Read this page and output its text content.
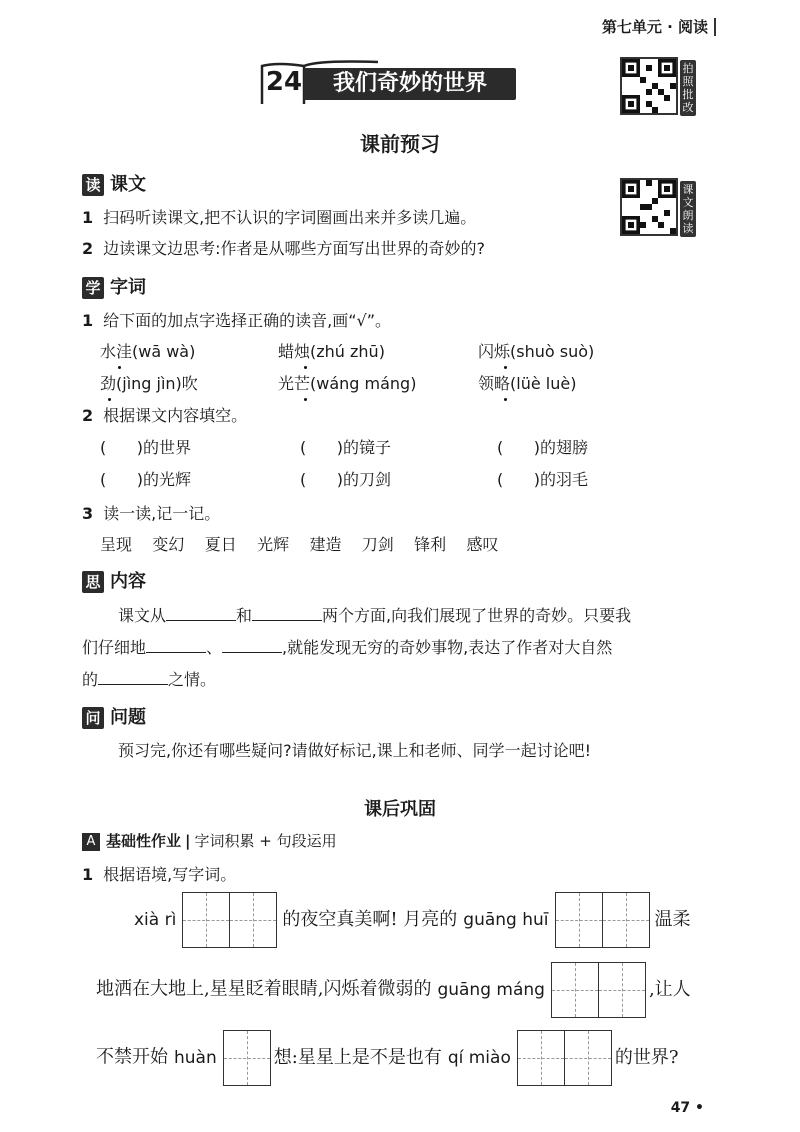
第七单元 · 阅读
24	我们奇妙的世界
拍照批改
课文朗读
课前预习
读 课文
1 扫码听读课文,把不认识的字词圈画出来并多读几遍。
2 边读课文边思考:作者是从哪些方面写出世界的奇妙的?
学 字词
1 给下面的加点字选择正确的读音,画“√”。
水洼(wā wà)	蜡烛(zhú zhū)	闪烁(shuò suò)
劲(jìng jìn)吹	光芒(wáng máng)	领略(lüè luè)
2 根据课文内容填空。
(      )的世界	(      )的镜子	(      )的翅膀
(      )的光辉	(      )的刀剑	(      )的羽毛
3 读一读,记一记。
呈现 变幻 夏日 光辉 建造 刀剑 锋利 感叹
思 内容
课文从	和	两个方面,向我们展现了世界的奇妙。只要我
们仔细地	、	,就能发现无穷的奇妙事物,表达了作者对大自然
的	之情。
问 问题
预习完,你还有哪些疑问?请做好标记,课上和老师、同学一起讨论吧!
课后巩固
A 基础性作业 | 字词积累 + 句段运用
1 根据语境,写字词。
xià rì	的夜空真美啊! 月亮的 guāng huī	温柔
地洒在大地上,星星眨着眼睛,闪烁着微弱的 guāng máng	,让人
不禁开始 huàn	想:星星上是不是也有 qí miào	的世界?
47 •
